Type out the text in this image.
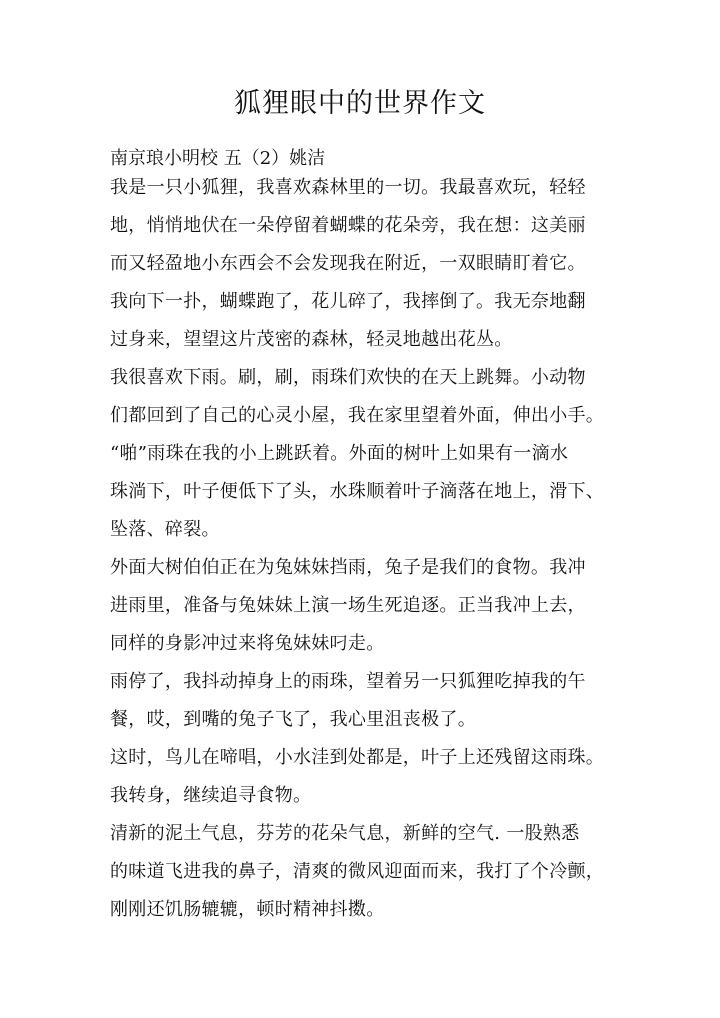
狐狸眼中的世界作文
南京琅小明校 五（2）姚洁
我是一只小狐狸，我喜欢森林里的一切。我最喜欢玩，轻轻
地，悄悄地伏在一朵停留着蝴蝶的花朵旁，我在想：这美丽
而又轻盈地小东西会不会发现我在附近，一双眼睛盯着它。
我向下一扑，蝴蝶跑了，花儿碎了，我摔倒了。我无奈地翻
过身来，望望这片茂密的森林，轻灵地越出花丛。
我很喜欢下雨。刷，刷，雨珠们欢快的在天上跳舞。小动物
们都回到了自己的心灵小屋，我在家里望着外面，伸出小手。
“啪”雨珠在我的小上跳跃着。外面的树叶上如果有一滴水
珠淌下，叶子便低下了头，水珠顺着叶子滴落在地上，滑下、
坠落、碎裂。
外面大树伯伯正在为兔妹妹挡雨，兔子是我们的食物。我冲
进雨里，准备与兔妹妹上演一场生死追逐。正当我冲上去，
同样的身影冲过来将兔妹妹叼走。
雨停了，我抖动掉身上的雨珠，望着另一只狐狸吃掉我的午
餐，哎，到嘴的兔子飞了，我心里沮丧极了。
这时，鸟儿在啼唱，小水洼到处都是，叶子上还残留这雨珠。
我转身，继续追寻食物。
清新的泥土气息，芬芳的花朵气息，新鲜的空气. 一股熟悉
的味道飞进我的鼻子，清爽的微风迎面而来，我打了个冷颤，
刚刚还饥肠辘辘，顿时精神抖擞。
